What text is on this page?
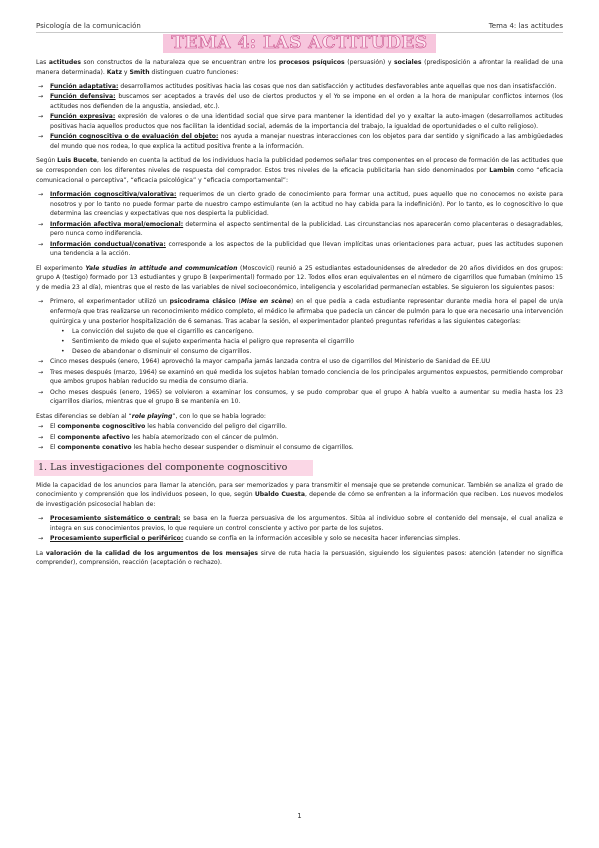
Psicología de la comunicación	Tema 4: las actitudes
TEMA 4: LAS ACTITUDES

Las actitudes son constructos de la naturaleza que se encuentran entre los procesos psíquicos (persuasión) y sociales (predisposición a afrontar la realidad de una manera determinada). Katz y Smith distinguen cuatro funciones:

→ Función adaptativa: desarrollamos actitudes positivas hacia las cosas que nos dan satisfacción y actitudes desfavorables ante aquellas que nos dan insatisfacción.
→ Función defensiva: buscamos ser aceptados a través del uso de ciertos productos y el Yo se impone en el orden a la hora de manipular conflictos internos (los actitudes nos defienden de la angustia, ansiedad, etc.).
→ Función expresiva: expresión de valores o de una identidad social que sirve para mantener la identidad del yo y exaltar la auto-imagen (desarrollamos actitudes positivas hacia aquellos productos que nos facilitan la identidad social, además de la importancia del trabajo, la igualdad de oportunidades o el culto religioso).
→ Función cognoscitiva o de evaluación del objeto: nos ayuda a manejar nuestras interacciones con los objetos para dar sentido y significado a las ambigüedades del mundo que nos rodea, lo que explica la actitud positiva frente a la información.

Según Luis Bucete, teniendo en cuenta la actitud de los individuos hacia la publicidad podemos señalar tres componentes en el proceso de formación de las actitudes que se corresponden con los diferentes niveles de respuesta del comprador. Estos tres niveles de la eficacia publicitaria han sido denominados por Lambin como “eficacia comunicacional o perceptiva”, “eficacia psicológica” y “eficacia comportamental”:

→ Información cognoscitiva/valorativa: requerimos de un cierto grado de conocimiento para formar una actitud, pues aquello que no conocemos no existe para nosotros y por lo tanto no puede formar parte de nuestro campo estimulante (en la actitud no hay cabida para la indefinición). Por lo tanto, es lo cognoscitivo lo que determina las creencias y expectativas que nos despierta la publicidad.
→ Información afectiva moral/emocional: determina el aspecto sentimental de la publicidad. Las circunstancias nos aparecerán como placenteras o desagradables, pero nunca como indiferencia.
→ Información conductual/conativa: corresponde a los aspectos de la publicidad que llevan implícitas unas orientaciones para actuar, pues las actitudes suponen una tendencia a la acción.

El experimento Yale studies in attitude and communication (Moscovici) reunió a 25 estudiantes estadounidenses de alrededor de 20 años divididos en dos grupos: grupo A (testigo) formado por 13 estudiantes y grupo B (experimental) formado por 12. Todos ellos eran equivalentes en el número de cigarrillos que fumaban (mínimo 15 y de media 23 al día), mientras que el resto de las variables de nivel socioeconómico, inteligencia y escolaridad permanecían estables. Se siguieron los siguientes pasos:

→ Primero, el experimentador utilizó un psicodrama clásico (Mise en scène) en el que pedía a cada estudiante representar durante media hora el papel de un/a enfermo/a que tras realizarse un reconocimiento médico completo, el médico le afirmaba que padecía un cáncer de pulmón para lo que era necesario una intervención quirúrgica y una posterior hospitalización de 6 semanas. Tras acabar la sesión, el experimentador planteó preguntas referidas a las siguientes categorías:
• La convicción del sujeto de que el cigarrillo es cancerígeno.
• Sentimiento de miedo que el sujeto experimenta hacia el peligro que representa el cigarrillo
• Deseo de abandonar o disminuir el consumo de cigarrillos.
→ Cinco meses después (enero, 1964) aprovechó la mayor campaña jamás lanzada contra el uso de cigarrillos del Ministerio de Sanidad de EE.UU
→ Tres meses después (marzo, 1964) se examinó en qué medida los sujetos habían tomado conciencia de los principales argumentos expuestos, permitiendo comprobar que ambos grupos habían reducido su media de consumo diaria.
→ Ocho meses después (enero, 1965) se volvieron a examinar los consumos, y se pudo comprobar que el grupo A había vuelto a aumentar su media hasta los 23 cigarrillos diarios, mientras que el grupo B se mantenía en 10.

Estas diferencias se debían al “role playing”, con lo que se había logrado:

→ El componente cognoscitivo les había convencido del peligro del cigarrillo.
→ El componente afectivo les había atemorizado con el cáncer de pulmón.
→ El componente conativo les había hecho desear suspender o disminuir el consumo de cigarrillos.
1. Las investigaciones del componente cognoscitivo

Mide la capacidad de los anuncios para llamar la atención, para ser memorizados y para transmitir el mensaje que se pretende comunicar. También se analiza el grado de conocimiento y comprensión que los individuos poseen, lo que, según Ubaldo Cuesta, depende de cómo se enfrenten a la información que reciben. Los nuevos modelos de investigación psicosocial hablan de:

→ Procesamiento sistemático o central: se basa en la fuerza persuasiva de los argumentos. Sitúa al individuo sobre el contenido del mensaje, el cual analiza e integra en sus conocimientos previos, lo que requiere un control consciente y activo por parte de los sujetos.
→ Procesamiento superficial o periférico: cuando se confía en la información accesible y solo se necesita hacer inferencias simples.

La valoración de la calidad de los argumentos de los mensajes sirve de ruta hacia la persuasión, siguiendo los siguientes pasos: atención (atender no significa comprender), comprensión, reacción (aceptación o rechazo).

1
